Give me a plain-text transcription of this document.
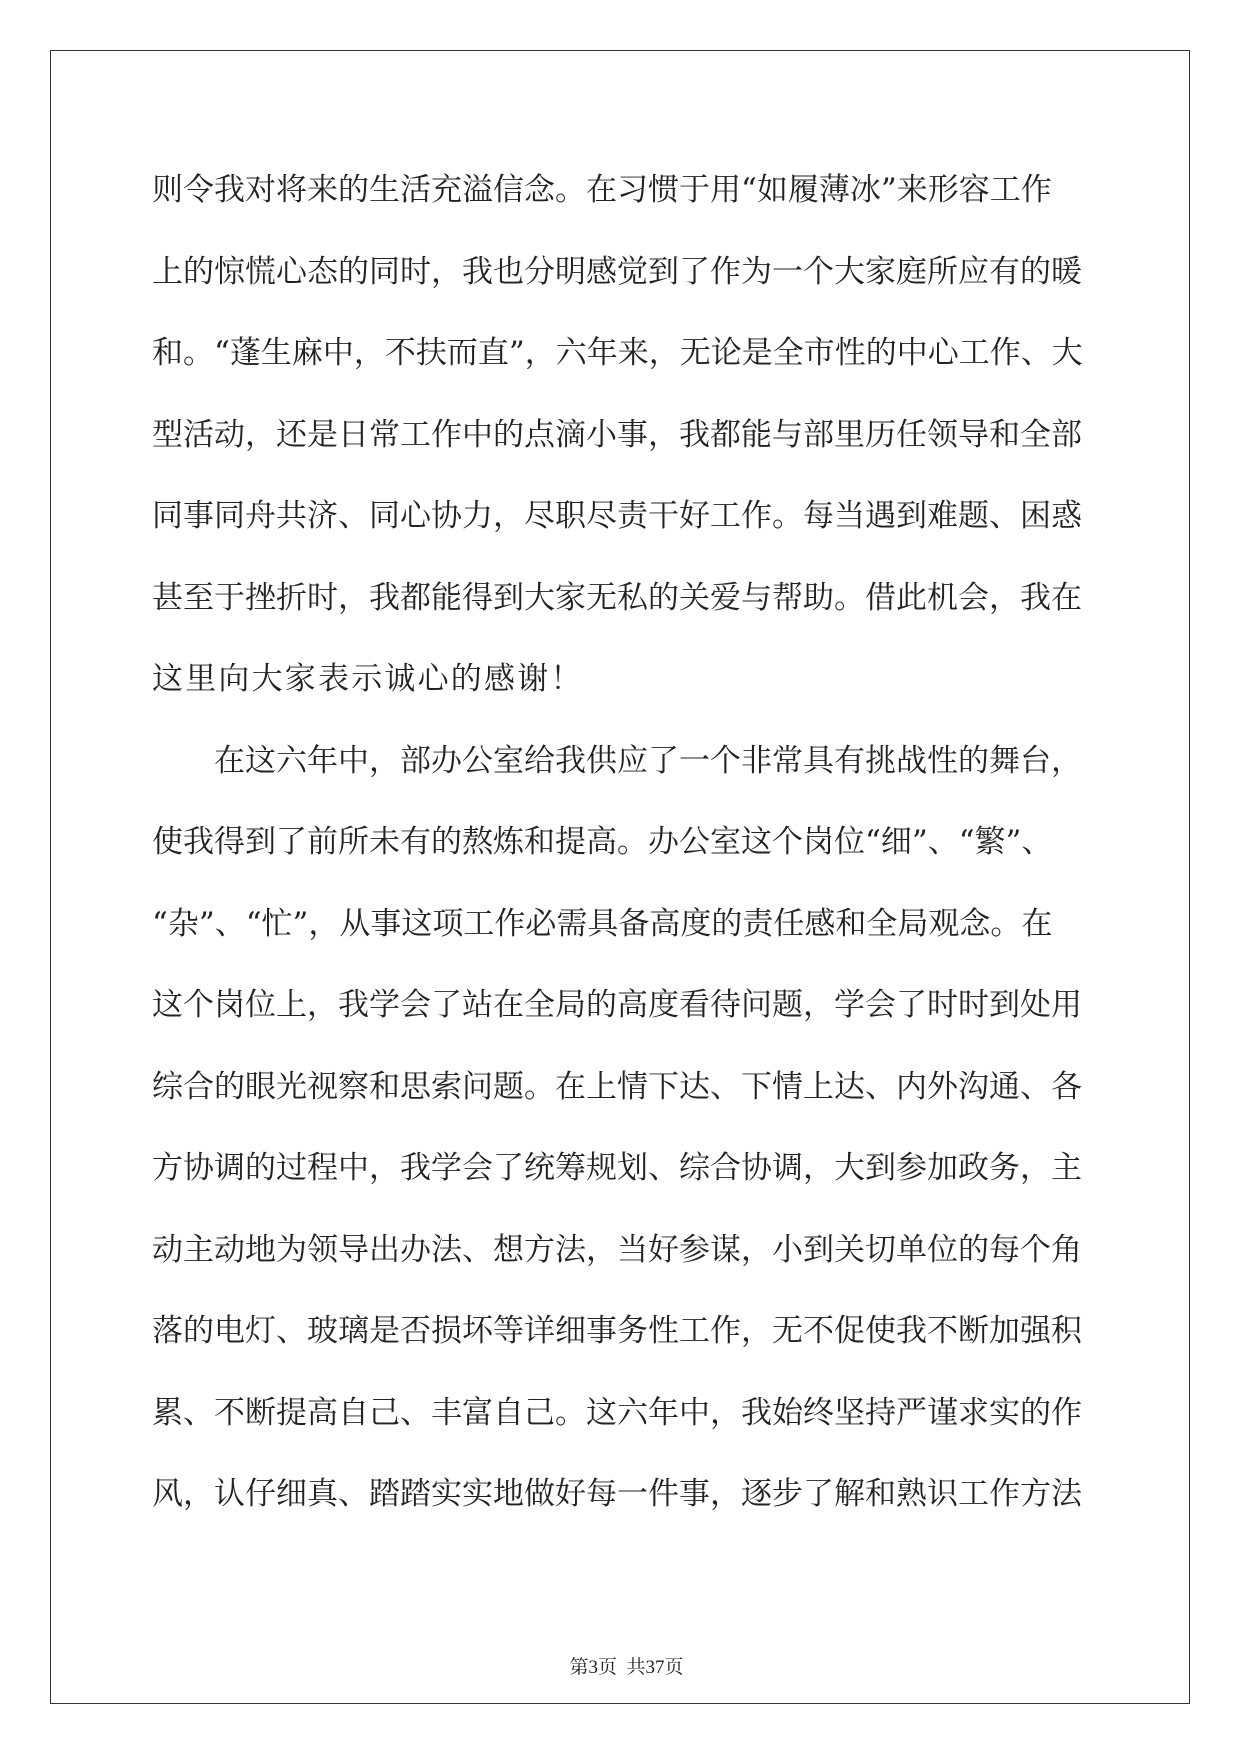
则令我对将来的生活充溢信念。在习惯于用“如履薄冰”来形容工作
上的惊慌心态的同时，我也分明感觉到了作为一个大家庭所应有的暖
和。“蓬生麻中，不扶而直”，六年来，无论是全市性的中心工作、大
型活动，还是日常工作中的点滴小事，我都能与部里历任领导和全部
同事同舟共济、同心协力，尽职尽责干好工作。每当遇到难题、困惑
甚至于挫折时，我都能得到大家无私的关爱与帮助。借此机会，我在
这里向大家表示诚心的感谢！
在这六年中，部办公室给我供应了一个非常具有挑战性的舞台，
使我得到了前所未有的熬炼和提高。办公室这个岗位“细”、“繁”、
“杂”、“忙”，从事这项工作必需具备高度的责任感和全局观念。在
这个岗位上，我学会了站在全局的高度看待问题，学会了时时到处用
综合的眼光视察和思索问题。在上情下达、下情上达、内外沟通、各
方协调的过程中，我学会了统筹规划、综合协调，大到参加政务，主
动主动地为领导出办法、想方法，当好参谋，小到关切单位的每个角
落的电灯、玻璃是否损坏等详细事务性工作，无不促使我不断加强积
累、不断提高自己、丰富自己。这六年中，我始终坚持严谨求实的作
风，认仔细真、踏踏实实地做好每一件事，逐步了解和熟识工作方法

第3页  共37页
